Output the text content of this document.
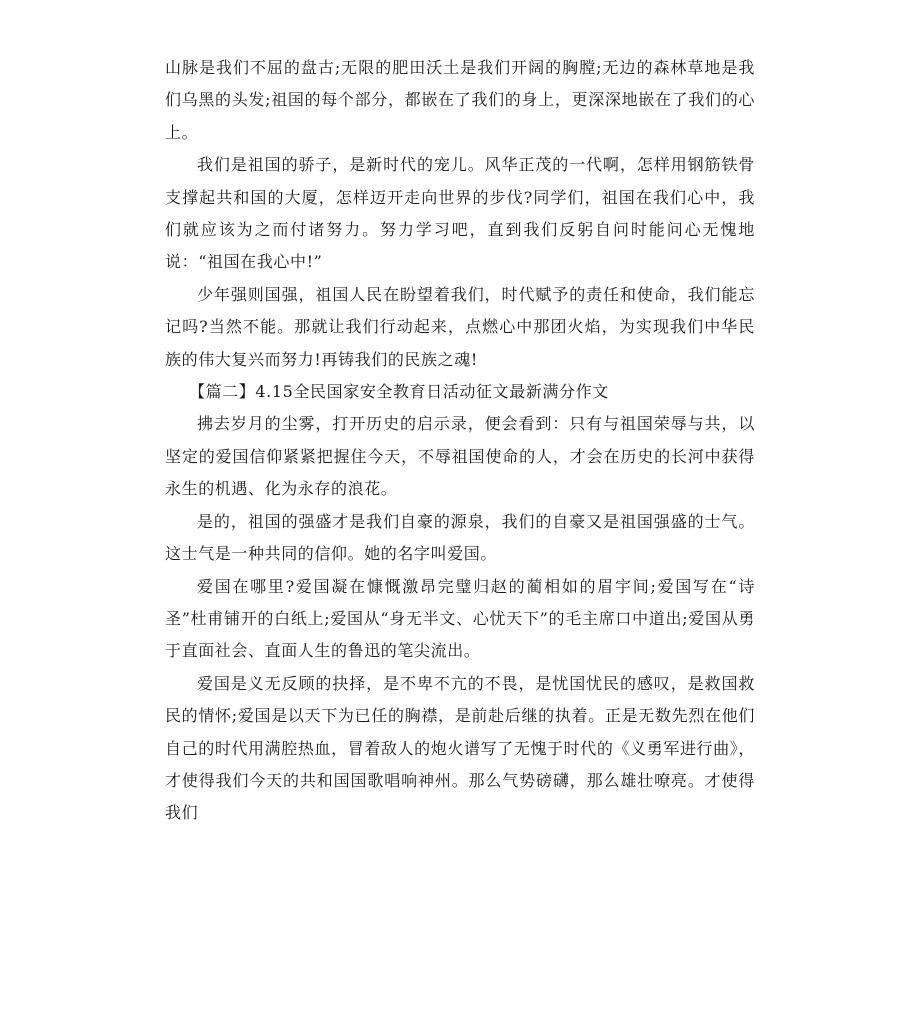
山脉是我们不屈的盘古;无限的肥田沃土是我们开阔的胸膛;无边的森林草地是我们乌黑的头发;祖国的每个部分，都嵌在了我们的身上，更深深地嵌在了我们的心上。

我们是祖国的骄子，是新时代的宠儿。风华正茂的一代啊，怎样用钢筋铁骨支撑起共和国的大厦，怎样迈开走向世界的步伐?同学们，祖国在我们心中，我们就应该为之而付诸努力。努力学习吧，直到我们反躬自问时能问心无愧地说：“祖国在我心中!”

少年强则国强，祖国人民在盼望着我们，时代赋予的责任和使命，我们能忘记吗?当然不能。那就让我们行动起来，点燃心中那团火焰，为实现我们中华民族的伟大复兴而努力!再铸我们的民族之魂!

【篇二】4.15全民国家安全教育日活动征文最新满分作文

拂去岁月的尘雾，打开历史的启示录，便会看到：只有与祖国荣辱与共，以坚定的爱国信仰紧紧把握住今天，不辱祖国使命的人，才会在历史的长河中获得永生的机遇、化为永存的浪花。

是的，祖国的强盛才是我们自豪的源泉，我们的自豪又是祖国强盛的士气。这士气是一种共同的信仰。她的名字叫爱国。

爱国在哪里?爱国凝在慷慨激昂完璧归赵的蔺相如的眉宇间;爱国写在“诗圣”杜甫铺开的白纸上;爱国从“身无半文、心忧天下”的毛主席口中道出;爱国从勇于直面社会、直面人生的鲁迅的笔尖流出。

爱国是义无反顾的抉择，是不卑不亢的不畏，是忧国忧民的感叹，是救国救民的情怀;爱国是以天下为已任的胸襟，是前赴后继的执着。正是无数先烈在他们自己的时代用满腔热血，冒着敌人的炮火谱写了无愧于时代的《义勇军进行曲》，才使得我们今天的共和国国歌唱响神州。那么气势磅礴，那么雄壮嘹亮。才使得我们
